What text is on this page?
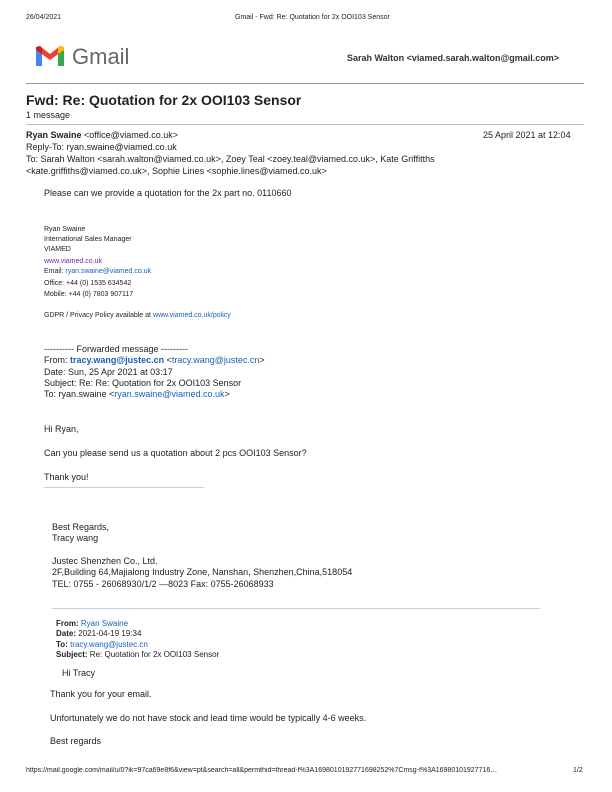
26/04/2021	Gmail - Fwd: Re: Quotation for 2x OOI103 Sensor
Gmail	Sarah Walton <viamed.sarah.walton@gmail.com>
Fwd: Re: Quotation for 2x OOI103 Sensor
1 message
Ryan Swaine <office@viamed.co.uk>	25 April 2021 at 12:04
Reply-To: ryan.swaine@viamed.co.uk
To: Sarah Walton <sarah.walton@viamed.co.uk>, Zoey Teal <zoey.teal@viamed.co.uk>, Kate Griffitths
<kate.griffiths@viamed.co.uk>, Sophie Lines <sophie.lines@viamed.co.uk>
Please can we provide a quotation for the 2x part no. 0110660
Ryan Swaine
International Sales Manager
VIAMED
www.viamed.co.uk
Email: ryan.swaine@viamed.co.uk
Office: +44 (0) 1535 634542
Mobile: +44 (0) 7803 907117
GDPR / Privacy Policy available at www.viamed.co.uk/policy
---------- Forwarded message ---------
From: tracy.wang@justec.cn <tracy.wang@justec.cn>
Date: Sun, 25 Apr 2021 at 03:17
Subject: Re: Re: Quotation for 2x OOI103 Sensor
To: ryan.swaine <ryan.swaine@viamed.co.uk>
Hi Ryan,
Can you please send us a quotation about 2 pcs OOI103 Sensor?
Thank you!
Best Regards,
Tracy wang
Justec Shenzhen Co., Ltd.
2F,Building 64,Majialong Industry Zone, Nanshan, Shenzhen,China,518054
TEL: 0755 - 26068930/1/2 —8023 Fax: 0755-26068933
From: Ryan Swaine
Date: 2021-04-19 19:34
To: tracy.wang@justec.cn
Subject: Re: Quotation for 2x OOI103 Sensor
Hi Tracy
Thank you for your email.
Unfortunately we do not have stock and lead time would be typically 4-6 weeks.
Best regards
https://mail.google.com/mail/u/0?ik=97ca69e8f6&view=pt&search=all&permthid=thread-f%3A1698010192771698252%7Cmsg-f%3A16980101927716…	1/2
